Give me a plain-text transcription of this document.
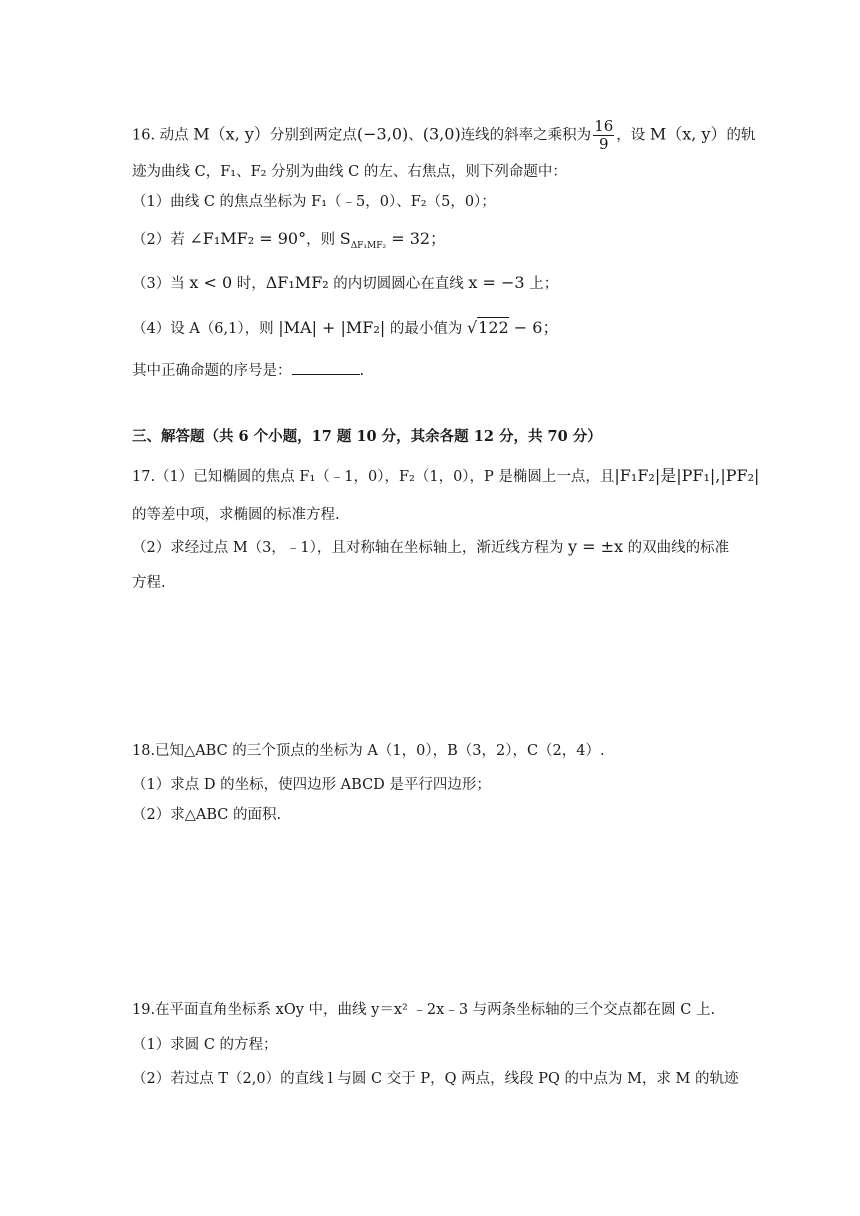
16. 动点 M（x, y）分别到两定点(−3,0)、(3,0)连线的斜率之乘积为 $\frac{16}{9}$ ，设 M（x, y）的轨
迹为曲线 C，F₁、F₂ 分别为曲线 C 的左、右焦点，则下列命题中：
（1）曲线 C 的焦点坐标为 F₁（﹣5，0）、F₂（5，0）；
（2）若 ∠F₁MF₂ = 90°，则 $S_{\Delta F_1MF_2} = 32$；
（3）当 x < 0 时，ΔF₁MF₂ 的内切圆圆心在直线 x = −3 上；
（4）设 A（6,1），则 |MA| + |MF₂| 的最小值为 √122 − 6；
其中正确命题的序号是：	.
三、解答题（共 6 个小题，17 题 10 分，其余各题 12 分，共 70 分）
17.（1）已知椭圆的焦点 F₁（﹣1，0），F₂（1，0），P 是椭圆上一点，且|F₁F₂|是|PF₁|,|PF₂|
的等差中项，求椭圆的标准方程.
（2）求经过点 M（3，﹣1），且对称轴在坐标轴上，渐近线方程为 y = ±x 的双曲线的标准
方程.
18.已知△ABC 的三个顶点的坐标为 A（1，0），B（3，2），C（2，4）.
（1）求点 D 的坐标，使四边形 ABCD 是平行四边形；
（2）求△ABC 的面积.
19.在平面直角坐标系 xOy 中，曲线 y＝x² ﹣2x﹣3 与两条坐标轴的三个交点都在圆 C 上.
（1）求圆 C 的方程；
（2）若过点 T（2,0）的直线 l 与圆 C 交于 P，Q 两点，线段 PQ 的中点为 M，求 M 的轨迹
